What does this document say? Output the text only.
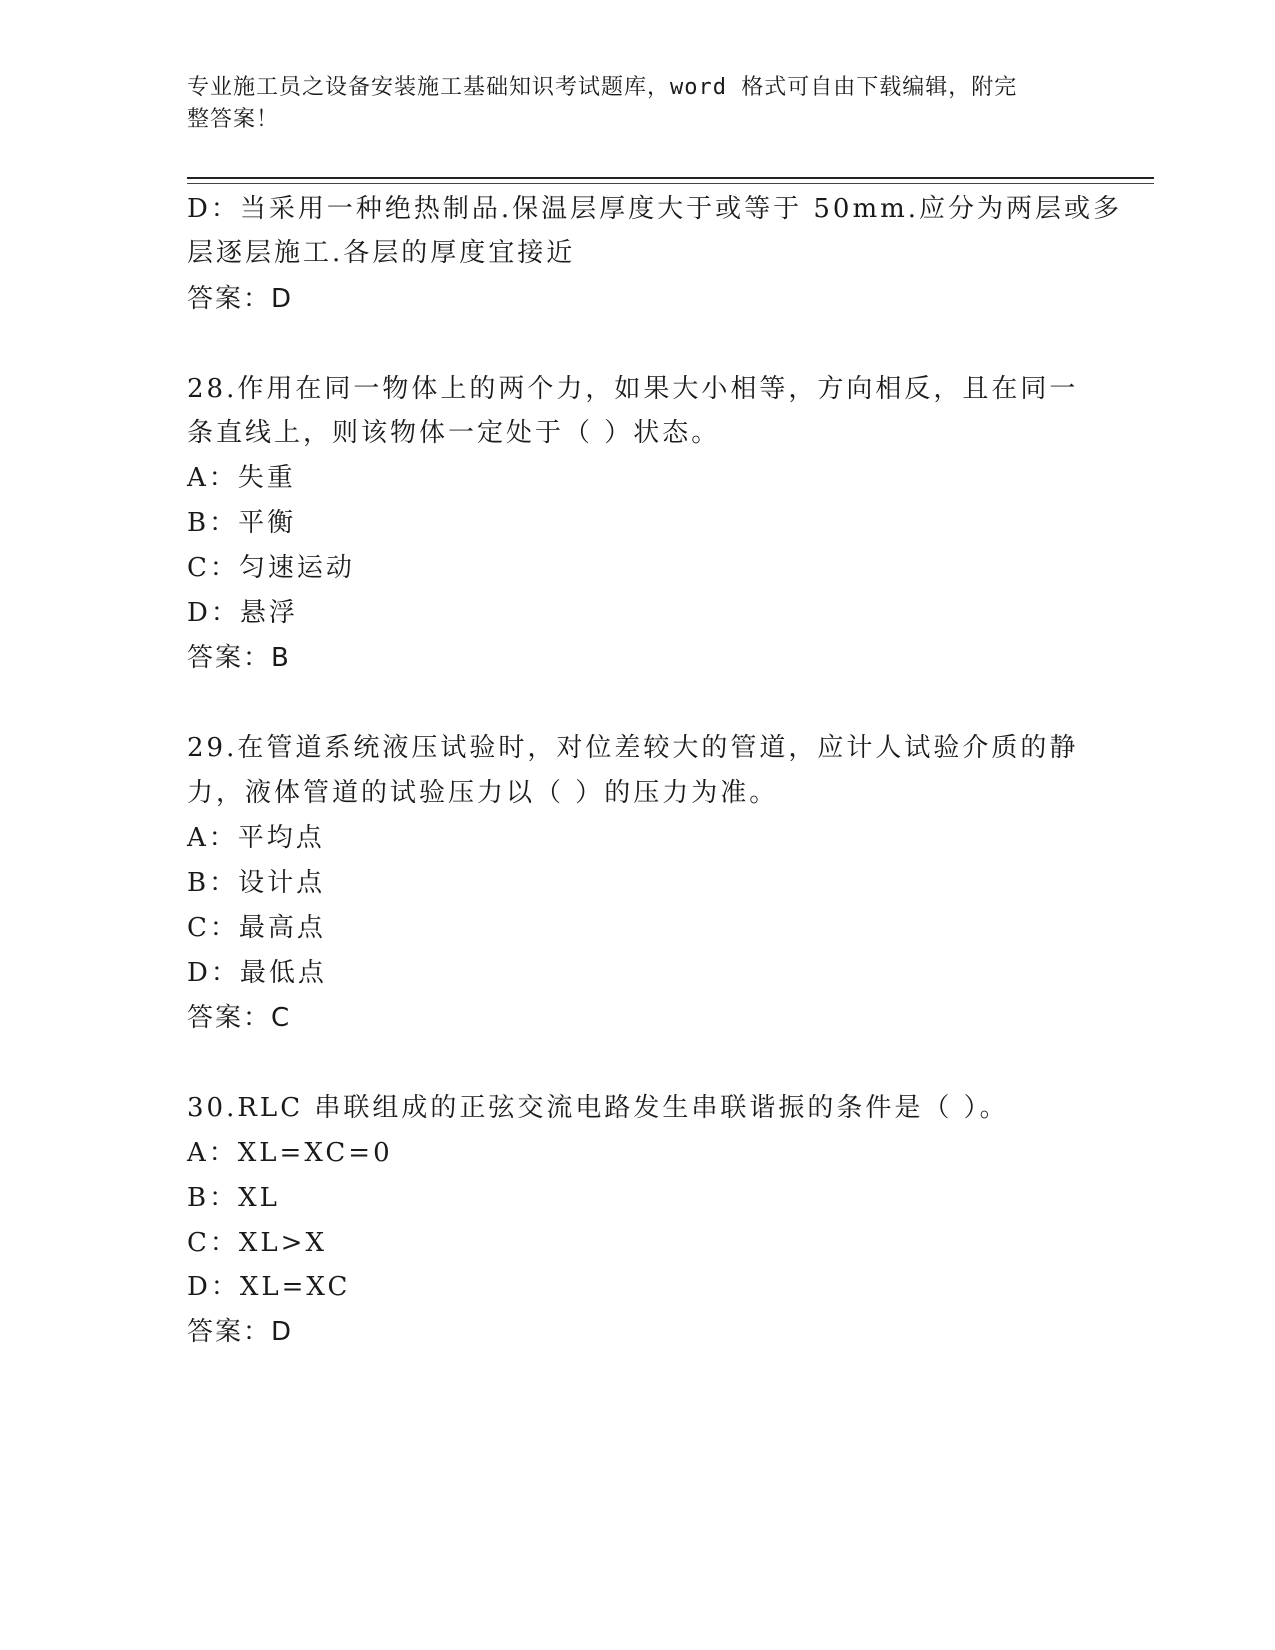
专业施工员之设备安装施工基础知识考试题库，word 格式可自由下载编辑，附完
整答案！
D：当采用一种绝热制品.保温层厚度大于或等于 50mm.应分为两层或多
层逐层施工.各层的厚度宜接近
答案：D
28.作用在同一物体上的两个力，如果大小相等，方向相反，且在同一
条直线上，则该物体一定处于（ ）状态。
A：失重
B：平衡
C：匀速运动
D：悬浮
答案：B
29.在管道系统液压试验时，对位差较大的管道，应计人试验介质的静
力，液体管道的试验压力以（ ）的压力为准。
A：平均点
B：设计点
C：最高点
D：最低点
答案：C
30.RLC 串联组成的正弦交流电路发生串联谐振的条件是（ ）。
A：XL=XC=0
B：XL
C：XL>X
D：XL=XC
答案：D
